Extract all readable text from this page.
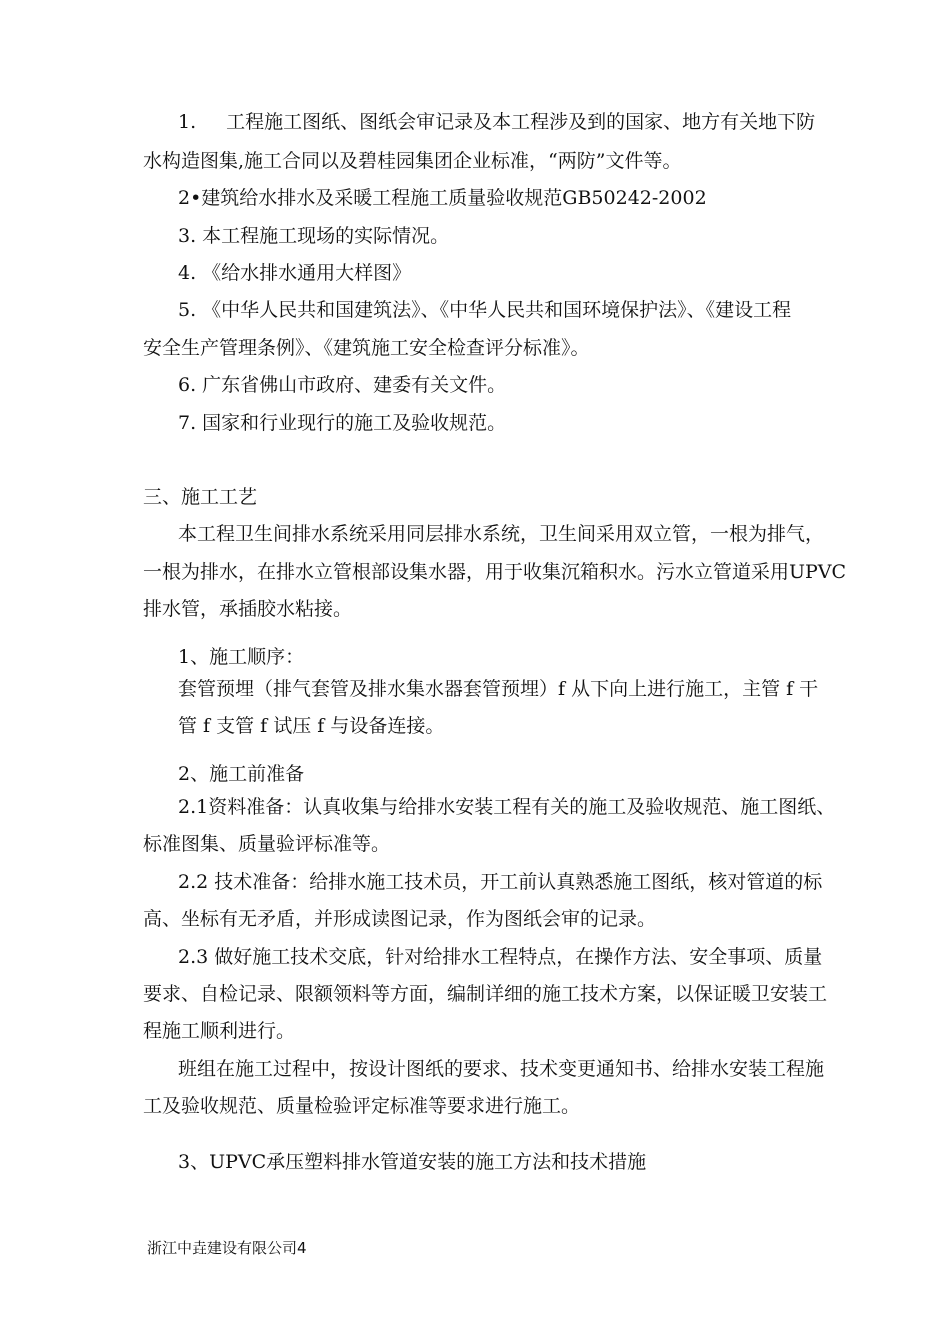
1. 工程施工图纸、图纸会审记录及本工程涉及到的国家、地方有关地下防
水构造图集,施工合同以及碧桂园集团企业标准，“两防”文件等。
2•建筑给水排水及采暖工程施工质量验收规范GB50242-2002
3. 本工程施工现场的实际情况。
4. 《给水排水通用大样图》
5. 《中华人民共和国建筑法》、《中华人民共和国环境保护法》、《建设工程
安全生产管理条例》、《建筑施工安全检查评分标准》。
6. 广东省佛山市政府、建委有关文件。
7. 国家和行业现行的施工及验收规范。
三、施工工艺
本工程卫生间排水系统采用同层排水系统，卫生间采用双立管，一根为排气，
一根为排水，在排水立管根部设集水器，用于收集沉箱积水。污水立管道采用UPVC
排水管，承插胶水粘接。
1、施工顺序：
套管预埋（排气套管及排水集水器套管预埋）f 从下向上进行施工，主管 f 干
管 f 支管 f 试压 f 与设备连接。
2、施工前准备
2.1资料准备：认真收集与给排水安装工程有关的施工及验收规范、施工图纸、
标准图集、质量验评标准等。
2.2 技术准备：给排水施工技术员，开工前认真熟悉施工图纸，核对管道的标
高、坐标有无矛盾，并形成读图记录，作为图纸会审的记录。
2.3 做好施工技术交底，针对给排水工程特点，在操作方法、安全事项、质量
要求、自检记录、限额领料等方面，编制详细的施工技术方案，以保证暖卫安装工
程施工顺利进行。
班组在施工过程中，按设计图纸的要求、技术变更通知书、给排水安装工程施
工及验收规范、质量检验评定标准等要求进行施工。
3、UPVC承压塑料排水管道安装的施工方法和技术措施
浙江中垚建设有限公司4
